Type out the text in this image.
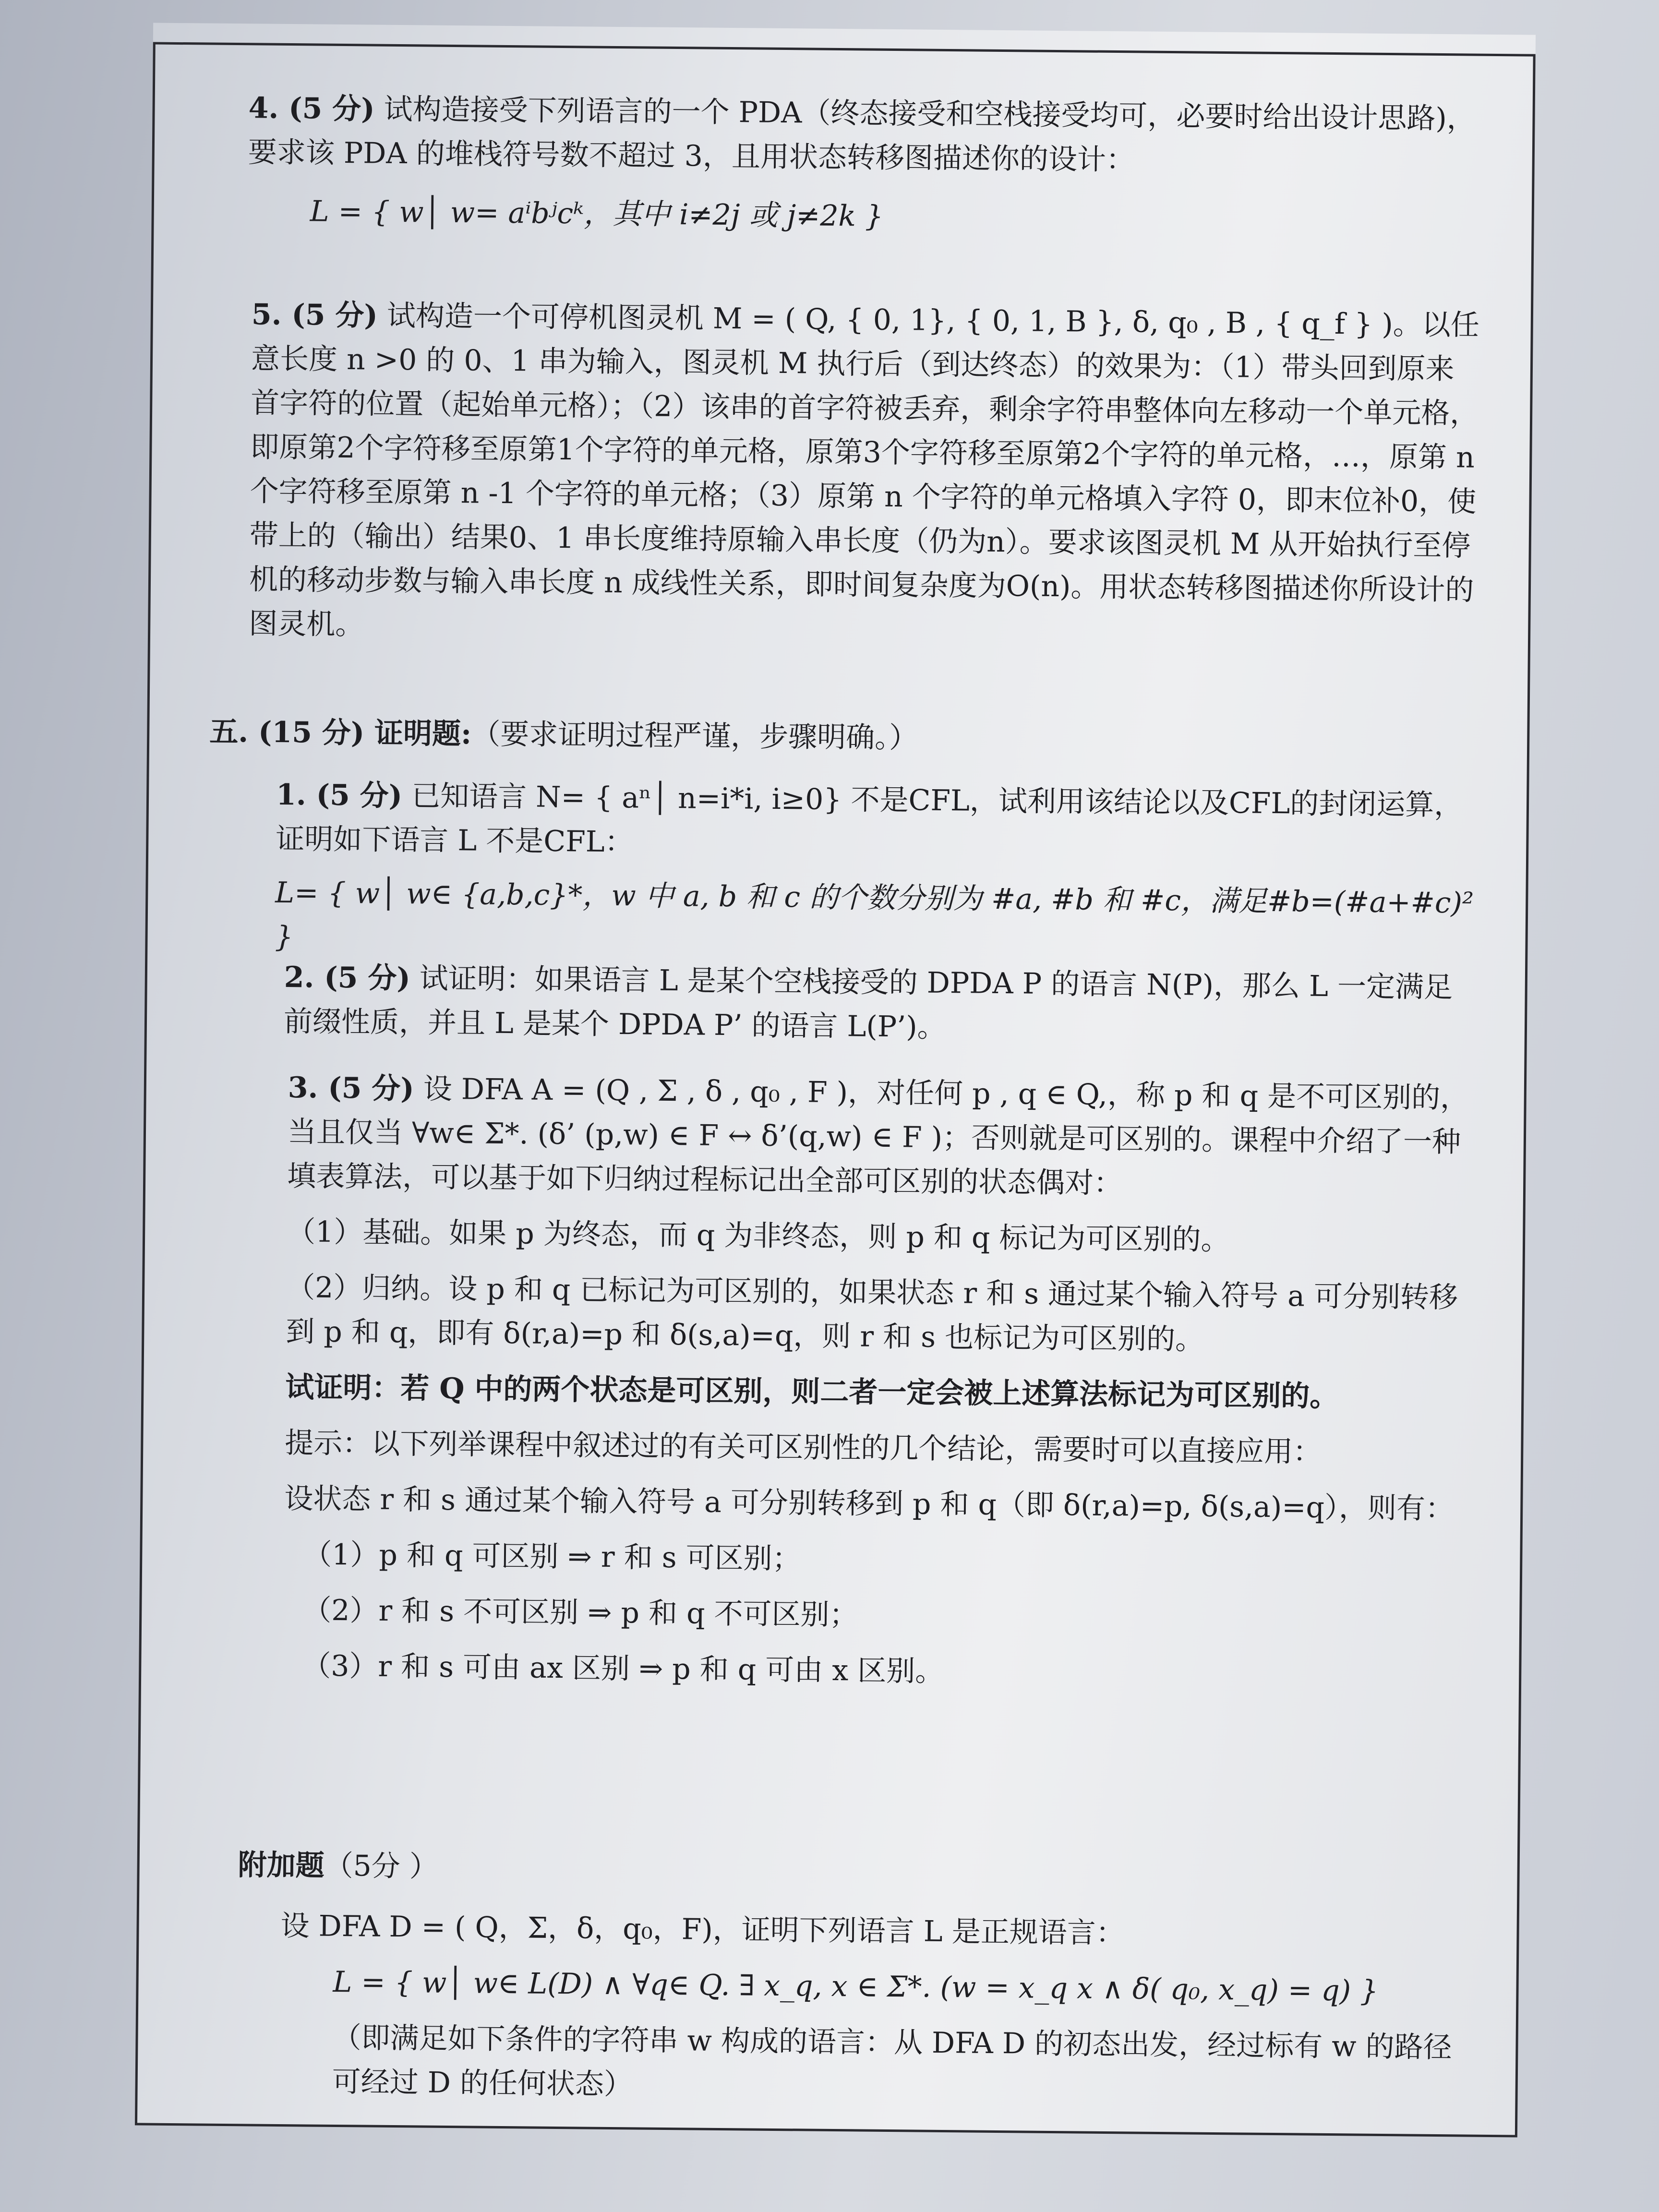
4. (5 分) 试构造接受下列语言的一个 PDA（终态接受和空栈接受均可，必要时给出设计思路)，要求该 PDA 的堆栈符号数不超过 3，且用状态转移图描述你的设计：

L = { w│ w= aⁱbʲcᵏ，其中 i≠2j 或 j≠2k }

5. (5 分) 试构造一个可停机图灵机 M = ( Q, { 0, 1}, { 0, 1, B }, δ, q₀ , B , { q_f } )。以任意长度 n >0 的 0、1 串为输入，图灵机 M 执行后（到达终态）的效果为：（1）带头回到原来首字符的位置（起始单元格）；（2）该串的首字符被丢弃，剩余字符串整体向左移动一个单元格，即原第2个字符移至原第1个字符的单元格，原第3个字符移至原第2个字符的单元格，…，原第 n 个字符移至原第 n -1 个字符的单元格；（3）原第 n 个字符的单元格填入字符 0，即末位补0，使带上的（输出）结果0、1 串长度维持原输入串长度（仍为n）。要求该图灵机 M 从开始执行至停机的移动步数与输入串长度 n 成线性关系，即时间复杂度为O(n)。用状态转移图描述你所设计的图灵机。

五. (15 分) 证明题:（要求证明过程严谨，步骤明确。）

1. (5 分) 已知语言 N= { aⁿ│ n=i*i, i≥0} 不是CFL，试利用该结论以及CFL的封闭运算，证明如下语言 L 不是CFL：

L= { w│ w∈ {a,b,c}*，w 中 a, b 和 c 的个数分别为 #a, #b 和 #c，满足#b=(#a+#c)² }

2. (5 分) 试证明：如果语言 L 是某个空栈接受的 DPDA P 的语言 N(P)，那么 L 一定满足前缀性质，并且 L 是某个 DPDA P’ 的语言 L(P’)。

3. (5 分) 设 DFA A = (Q , Σ , δ , q₀ , F )，对任何 p , q ∈ Q,，称 p 和 q 是不可区别的，当且仅当 ∀w∈ Σ*. (δ’ (p,w) ∈ F ↔ δ’(q,w) ∈ F )；否则就是可区别的。课程中介绍了一种填表算法，可以基于如下归纳过程标记出全部可区别的状态偶对：

（1）基础。如果 p 为终态，而 q 为非终态，则 p 和 q 标记为可区别的。

（2）归纳。设 p 和 q 已标记为可区别的，如果状态 r 和 s 通过某个输入符号 a 可分别转移到 p 和 q，即有 δ(r,a)=p 和 δ(s,a)=q，则 r 和 s 也标记为可区别的。

试证明：若 Q 中的两个状态是可区别，则二者一定会被上述算法标记为可区别的。

提示：以下列举课程中叙述过的有关可区别性的几个结论，需要时可以直接应用：

设状态 r 和 s 通过某个输入符号 a 可分别转移到 p 和 q（即 δ(r,a)=p, δ(s,a)=q），则有：

（1）p 和 q 可区别 ⇒ r 和 s 可区别；

（2）r 和 s 不可区别 ⇒ p 和 q 不可区别；

（3）r 和 s 可由 ax 区别 ⇒ p 和 q 可由 x 区别。

附加题（5分 ）

设 DFA D = ( Q，Σ，δ，q₀，F)，证明下列语言 L 是正规语言：

L = { w│ w∈ L(D) ∧ ∀q∈ Q. ∃ x_q, x ∈ Σ*. (w = x_q x ∧ δ( q₀, x_q) = q) }

（即满足如下条件的字符串 w 构成的语言：从 DFA D 的初态出发，经过标有 w 的路径可经过 D 的任何状态）
